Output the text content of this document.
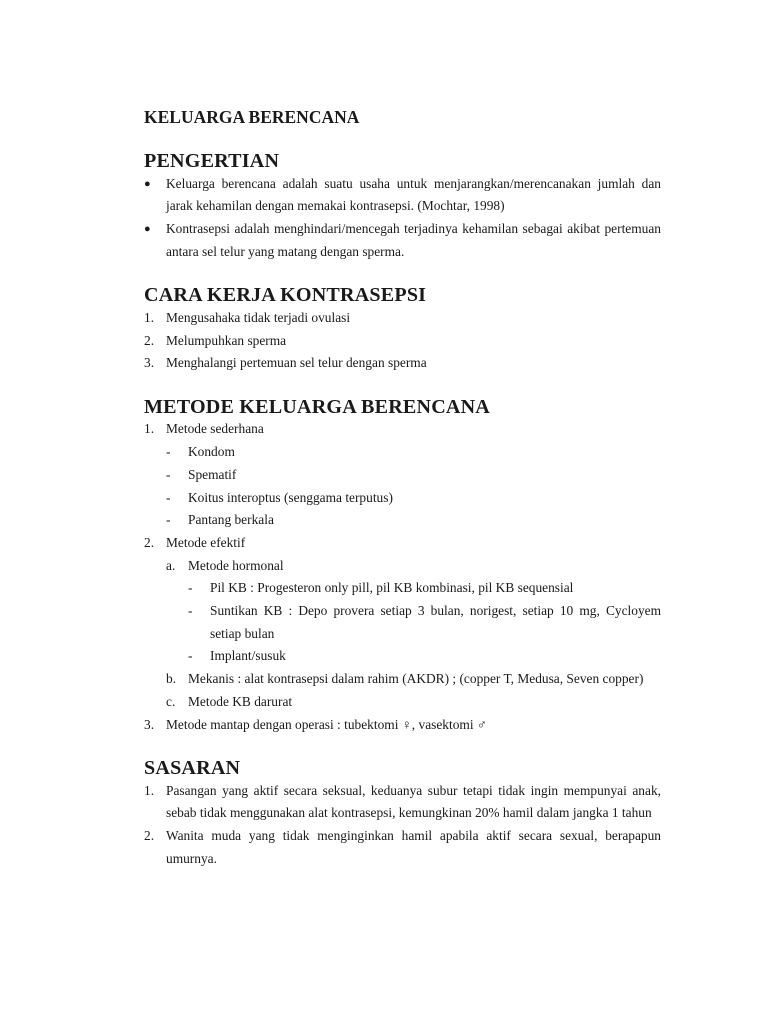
KELUARGA BERENCANA
PENGERTIAN
● Keluarga berencana adalah suatu usaha untuk menjarangkan/merencanakan jumlah dan jarak kehamilan dengan memakai kontrasepsi. (Mochtar, 1998)
● Kontrasepsi adalah menghindari/mencegah terjadinya kehamilan sebagai akibat pertemuan antara sel telur yang matang dengan sperma.
CARA KERJA KONTRASEPSI
1. Mengusahaka tidak terjadi ovulasi
2. Melumpuhkan sperma
3. Menghalangi pertemuan sel telur dengan sperma
METODE KELUARGA BERENCANA
1. Metode sederhana
- Kondom
- Spematif
- Koitus interoptus (senggama terputus)
- Pantang berkala
2. Metode efektif
a. Metode hormonal
- Pil KB : Progesteron only pill, pil KB kombinasi, pil KB sequensial
- Suntikan KB : Depo provera setiap 3 bulan, norigest, setiap 10 mg, Cycloyem setiap bulan
- Implant/susuk
b. Mekanis : alat kontrasepsi dalam rahim (AKDR) ; (copper T, Medusa, Seven copper)
c. Metode KB darurat
3. Metode mantap dengan operasi : tubektomi ♀, vasektomi ♂
SASARAN
1. Pasangan yang aktif secara seksual, keduanya subur tetapi tidak ingin mempunyai anak, sebab tidak menggunakan alat kontrasepsi, kemungkinan 20% hamil dalam jangka 1 tahun
2. Wanita muda yang tidak menginginkan hamil apabila aktif secara sexual, berapapun umurnya.
